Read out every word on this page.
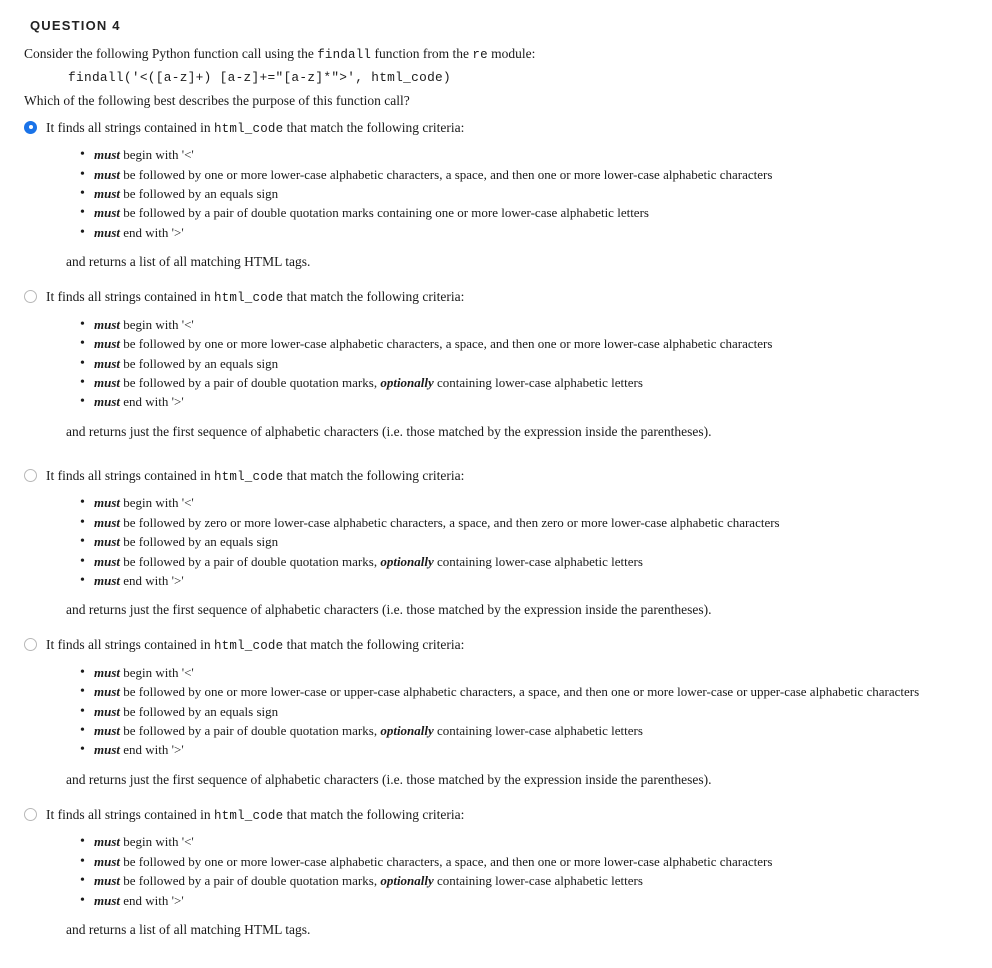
QUESTION 4
Consider the following Python function call using the findall function from the re module:
findall('<([a-z]+) [a-z]+="[a-z]*">', html_code)
Which of the following best describes the purpose of this function call?
It finds all strings contained in html_code that match the following criteria:
• must begin with '<'
• must be followed by one or more lower-case alphabetic characters, a space, and then one or more lower-case alphabetic characters
• must be followed by an equals sign
• must be followed by a pair of double quotation marks containing one or more lower-case alphabetic letters
• must end with '>'
and returns a list of all matching HTML tags.
It finds all strings contained in html_code that match the following criteria:
• must begin with '<'
• must be followed by one or more lower-case alphabetic characters, a space, and then one or more lower-case alphabetic characters
• must be followed by an equals sign
• must be followed by a pair of double quotation marks, optionally containing lower-case alphabetic letters
• must end with '>'
and returns just the first sequence of alphabetic characters (i.e. those matched by the expression inside the parentheses).
It finds all strings contained in html_code that match the following criteria:
• must begin with '<'
• must be followed by zero or more lower-case alphabetic characters, a space, and then zero or more lower-case alphabetic characters
• must be followed by an equals sign
• must be followed by a pair of double quotation marks, optionally containing lower-case alphabetic letters
• must end with '>'
and returns just the first sequence of alphabetic characters (i.e. those matched by the expression inside the parentheses).
It finds all strings contained in html_code that match the following criteria:
• must begin with '<'
• must be followed by one or more lower-case or upper-case alphabetic characters, a space, and then one or more lower-case or upper-case alphabetic characters
• must be followed by an equals sign
• must be followed by a pair of double quotation marks, optionally containing lower-case alphabetic letters
• must end with '>'
and returns just the first sequence of alphabetic characters (i.e. those matched by the expression inside the parentheses).
It finds all strings contained in html_code that match the following criteria:
• must begin with '<'
• must be followed by one or more lower-case alphabetic characters, a space, and then one or more lower-case alphabetic characters
• must be followed by a pair of double quotation marks, optionally containing lower-case alphabetic letters
• must end with '>'
and returns a list of all matching HTML tags.
